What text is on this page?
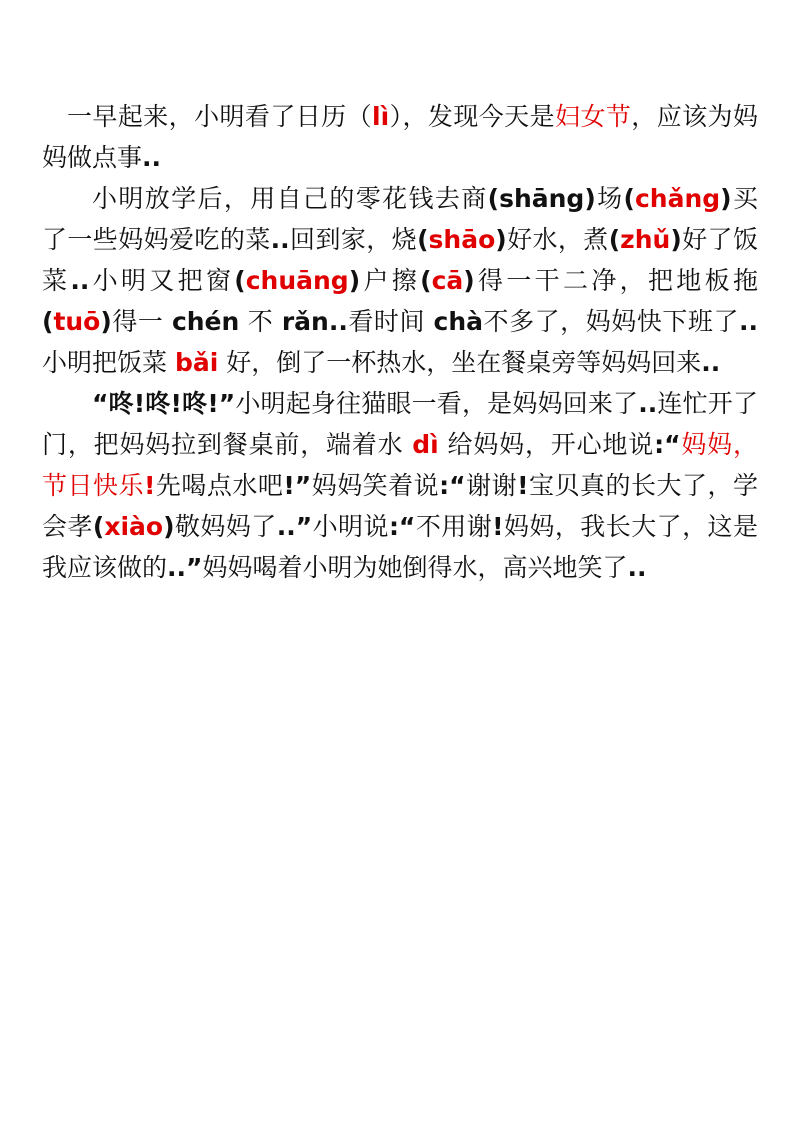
一早起来，小明看了日历（lì），发现今天是妇女节，应该为妈妈做点事..

小明放学后，用自己的零花钱去商(shāng)场(chǎng)买了一些妈妈爱吃的菜..回到家，烧(shāo)好水，煮(zhǔ)好了饭菜..小明又把窗(chuāng)户擦(cā)得一干二净，把地板拖(tuō)得一 chén 不 rǎn..看时间 chà不多了，妈妈快下班了..小明把饭菜 bǎi 好，倒了一杯热水，坐在餐桌旁等妈妈回来..

“咚!咚!咚!”小明起身往猫眼一看，是妈妈回来了..连忙开了门，把妈妈拉到餐桌前，端着水 dì 给妈妈，开心地说:“妈妈，节日快乐!先喝点水吧!”妈妈笑着说:“谢谢!宝贝真的长大了，学会孝(xiào)敬妈妈了..”小明说:“不用谢!妈妈，我长大了，这是我应该做的..”妈妈喝着小明为她倒得水，高兴地笑了..
